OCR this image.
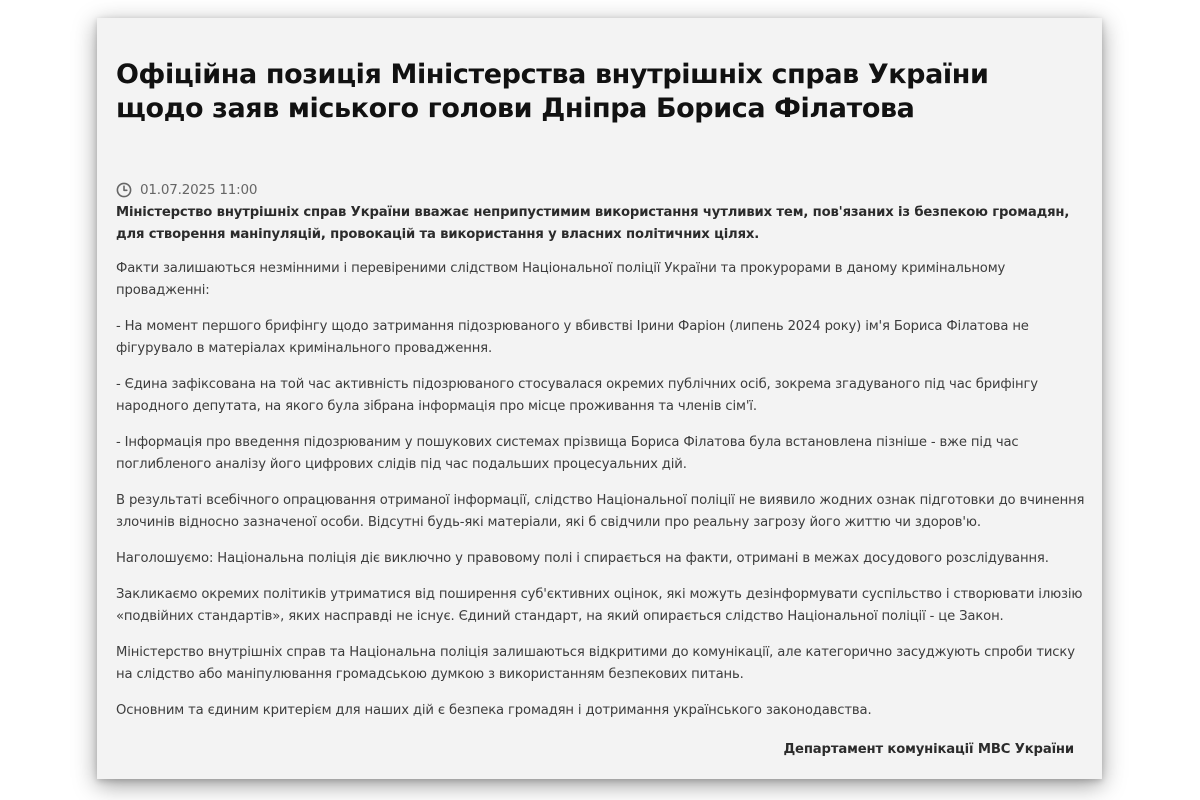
Офіційна позиція Міністерства внутрішніх справ України щодо заяв міського голови Дніпра Бориса Філатова
01.07.2025 11:00

Міністерство внутрішніх справ України вважає неприпустимим використання чутливих тем, пов'язаних із безпекою громадян, для створення маніпуляцій, провокацій та використання у власних політичних цілях.

Факти залишаються незмінними і перевіреними слідством Національної поліції України та прокурорами в даному кримінальному провадженні:

- На момент першого брифінгу щодо затримання підозрюваного у вбивстві Ірини Фаріон (липень 2024 року) ім'я Бориса Філатова не фігурувало в матеріалах кримінального провадження.

- Єдина зафіксована на той час активність підозрюваного стосувалася окремих публічних осіб, зокрема згадуваного під час брифінгу народного депутата, на якого була зібрана інформація про місце проживання та членів сім'ї.

- Інформація про введення підозрюваним у пошукових системах прізвища Бориса Філатова була встановлена пізніше - вже під час поглибленого аналізу його цифрових слідів під час подальших процесуальних дій.

В результаті всебічного опрацювання отриманої інформації, слідство Національної поліції не виявило жодних ознак підготовки до вчинення злочинів відносно зазначеної особи. Відсутні будь-які матеріали, які б свідчили про реальну загрозу його життю чи здоров'ю.

Наголошуємо: Національна поліція діє виключно у правовому полі і спирається на факти, отримані в межах досудового розслідування.

Закликаємо окремих політиків утриматися від поширення суб'єктивних оцінок, які можуть дезінформувати суспільство і створювати ілюзію «подвійних стандартів», яких насправді не існує. Єдиний стандарт, на який опирається слідство Національної поліції - це Закон.

Міністерство внутрішніх справ та Національна поліція залишаються відкритими до комунікації, але категорично засуджують спроби тиску на слідство або маніпулювання громадською думкою з використанням безпекових питань.

Основним та єдиним критерієм для наших дій є безпека громадян і дотримання українського законодавства.

Департамент комунікації МВС України
